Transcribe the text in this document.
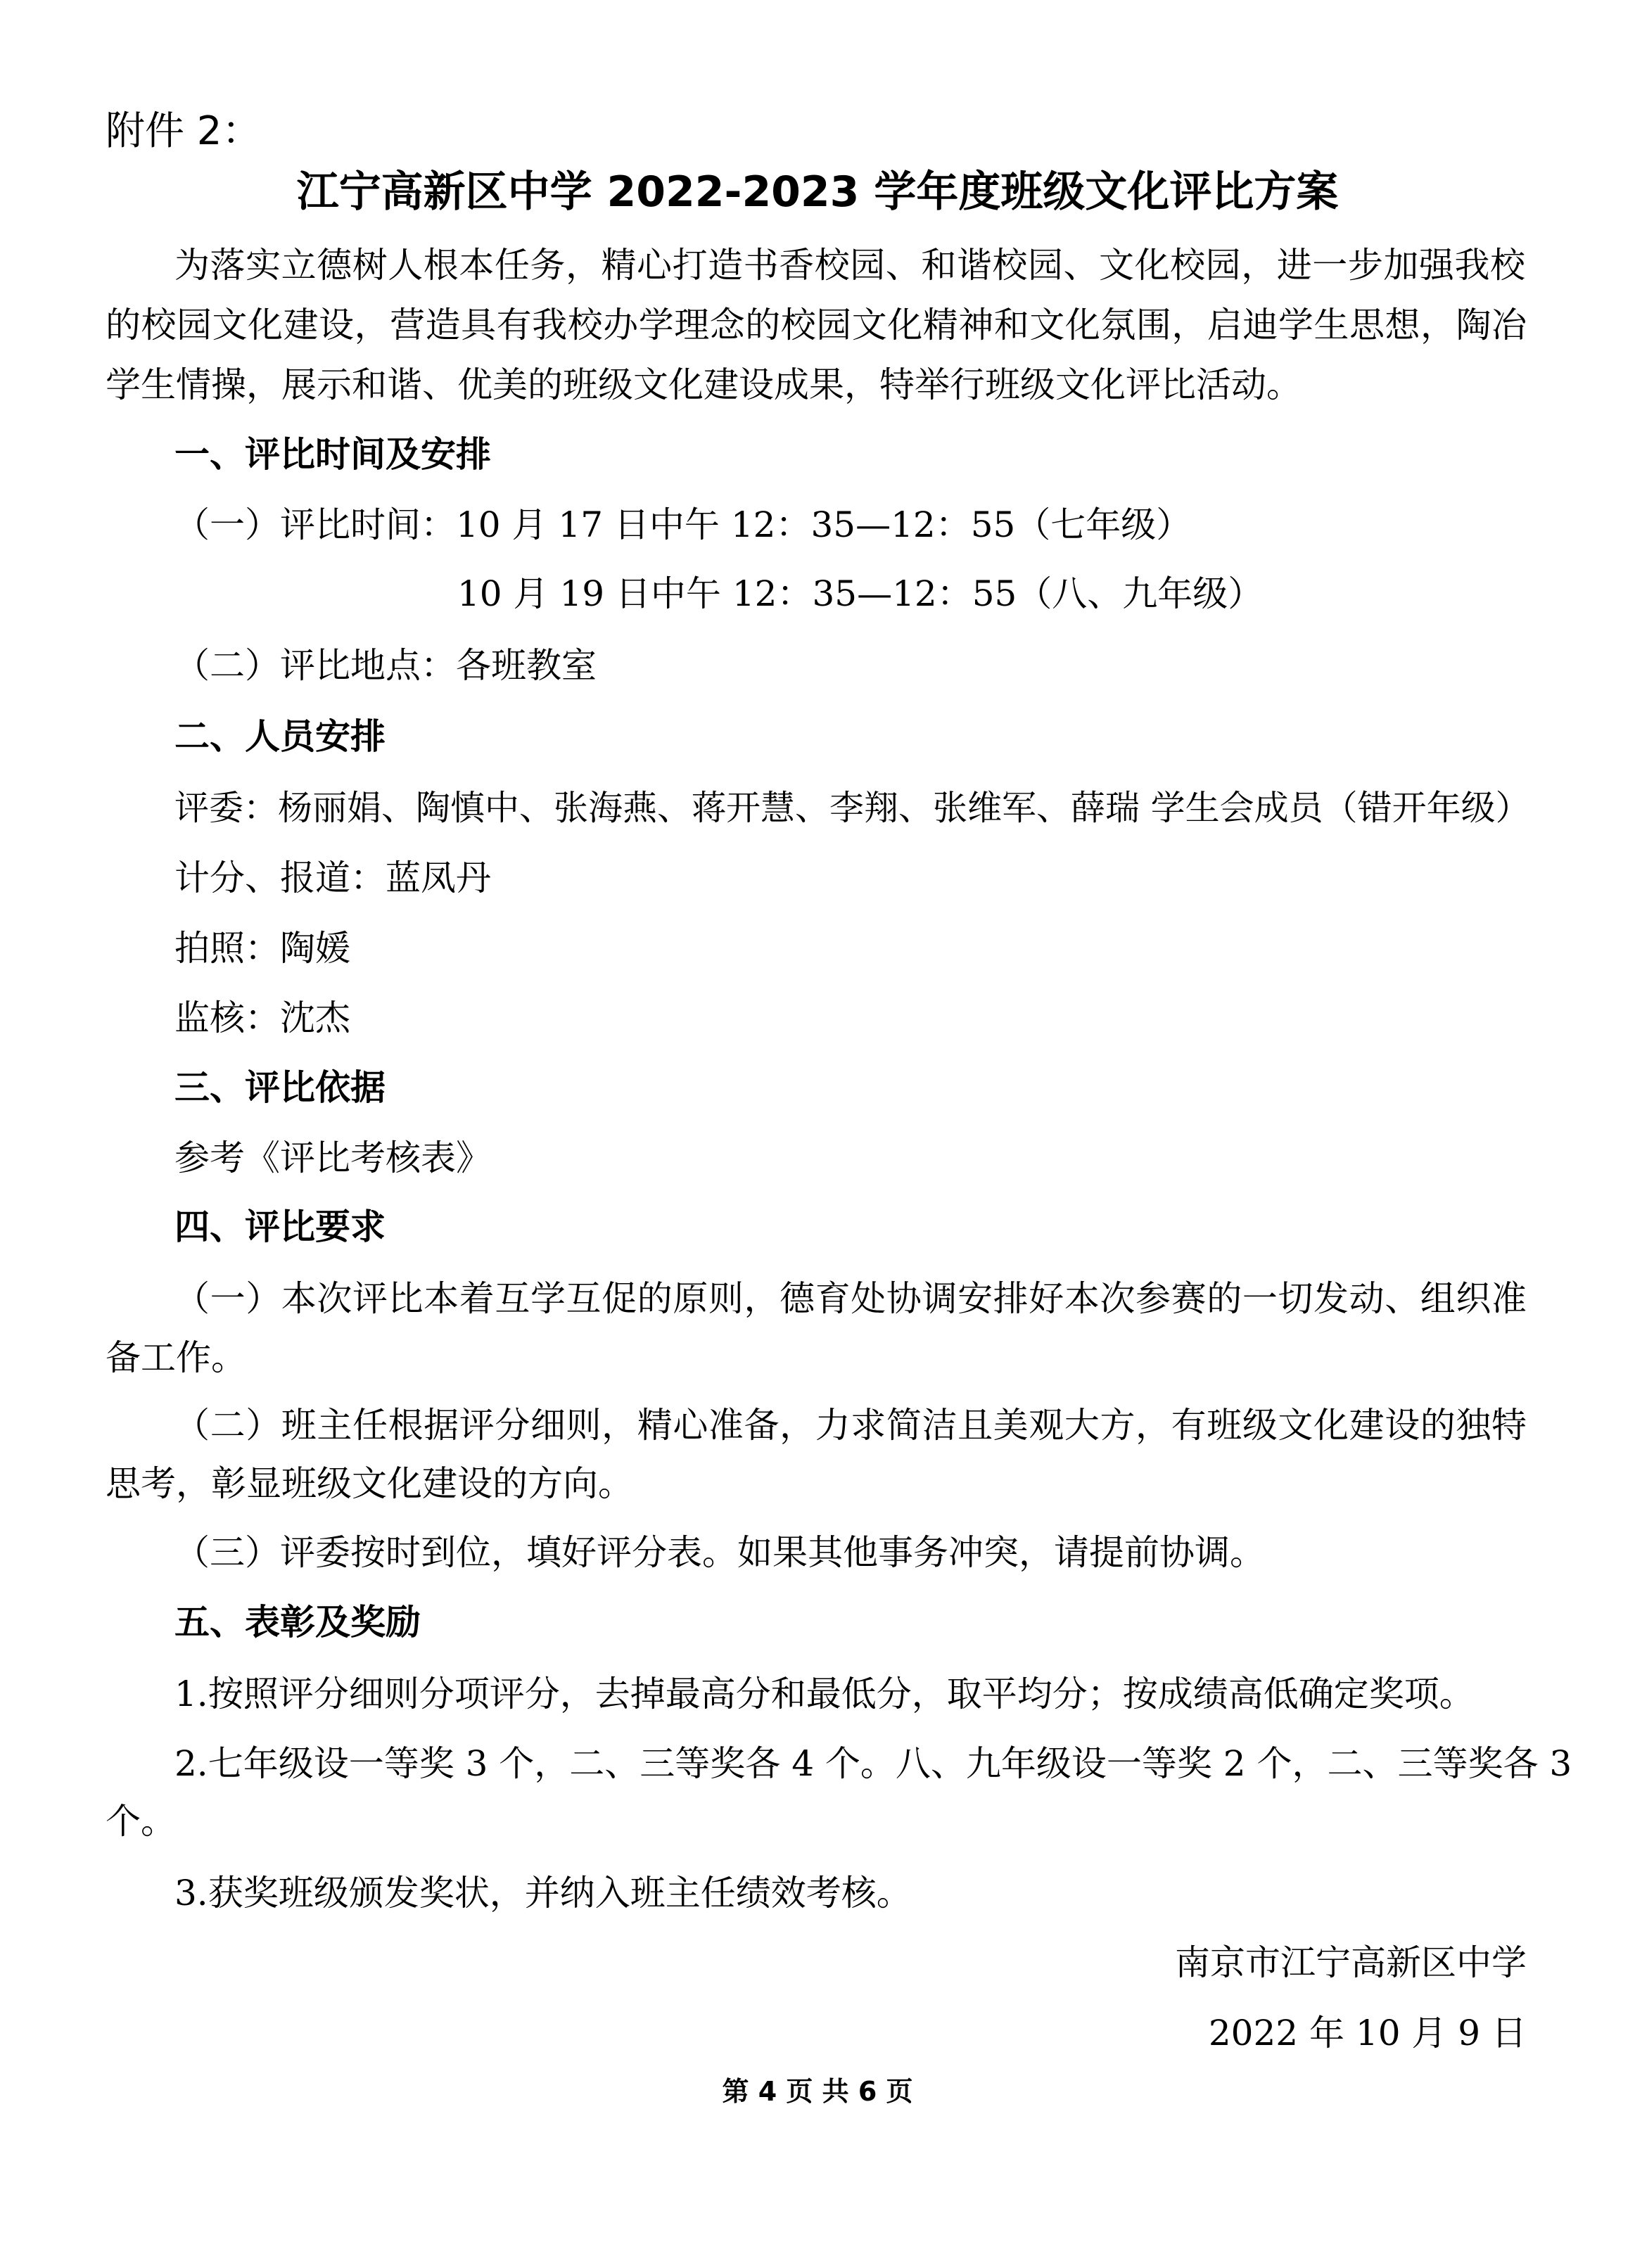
附件 2：

江宁高新区中学 2022-2023 学年度班级文化评比方案

为落实立德树人根本任务，精心打造书香校园、和谐校园、文化校园，进一步加强我校

的校园文化建设，营造具有我校办学理念的校园文化精神和文化氛围，启迪学生思想，陶冶

学生情操，展示和谐、优美的班级文化建设成果，特举行班级文化评比活动。

一、评比时间及安排

（一）评比时间：10 月 17 日中午 12：35—12：55（七年级）

10 月 19 日中午 12：35—12：55（八、九年级）

（二）评比地点：各班教室

二、人员安排

评委：杨丽娟、陶慎中、张海燕、蒋开慧、李翔、张维军、薛瑞 学生会成员（错开年级）

计分、报道：蓝凤丹

拍照：陶媛

监核：沈杰

三、评比依据

参考《评比考核表》

四、评比要求

（一）本次评比本着互学互促的原则，德育处协调安排好本次参赛的一切发动、组织准

备工作。

（二）班主任根据评分细则，精心准备，力求简洁且美观大方，有班级文化建设的独特

思考，彰显班级文化建设的方向。

（三）评委按时到位，填好评分表。如果其他事务冲突，请提前协调。

五、表彰及奖励

1.按照评分细则分项评分，去掉最高分和最低分，取平均分；按成绩高低确定奖项。

2.七年级设一等奖 3 个，二、三等奖各 4 个。八、九年级设一等奖 2 个，二、三等奖各 3

个。

3.获奖班级颁发奖状，并纳入班主任绩效考核。

南京市江宁高新区中学

2022 年 10 月 9 日

第 4 页 共 6 页
